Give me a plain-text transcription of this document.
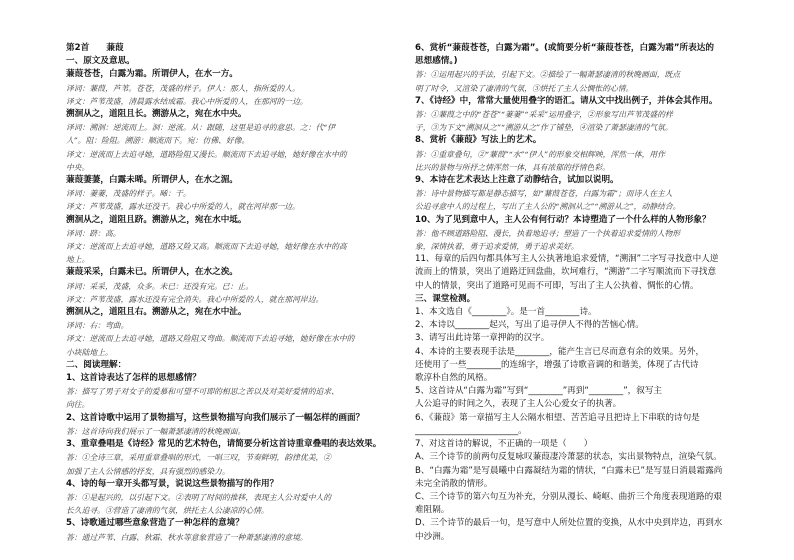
第2首　　蒹葭
一、原文及意思。
蒹葭苍苍，白露为霜。所谓伊人，在水一方。
译词：蒹葭，芦苇。苍苍，茂盛的样子。伊人：那人，指所爱的人。
译文：芦苇茂盛，清晨露水结成霜。我心中所爱的人，在那河的一边。
溯洄从之，道阻且长。溯游从之，宛在水中央。
译词：溯洄：逆流而上。洄：逆流。从：跟随，这里是追寻的意思。之：代“伊
人”。阻：险阻。溯游：顺流而下。宛：仿佛、好像。
译文：逆流而上去追寻她，道路险阻又漫长。顺流而下去追寻她，她好像在水中的
中央。
蒹葭萋萋，白露未晞。所谓伊人，在水之湄。
译词：萋萋，茂盛的样子。晞：干。
译文：芦苇茂盛，露水还没干。我心中所爱的人，就在河岸那一边。
溯洄从之，道阻且跻。溯游从之，宛在水中坻。
译词：跻：高。
译文：逆流而上去追寻她，道路又险又高。顺流而下去追寻她，她好像在水中的高
地上。
蒹葭采采，白露未已。所谓伊人，在水之涘。
译词：采采，茂盛，众多。未已：还没有完。已：止。
译文：芦苇茂盛，露水还没有完全消失。我心中所爱的人，就在那河岸边。
溯洄从之，道阻且右。溯游从之，宛在水中沚。
译词：右：弯曲。
译文：逆流而上去追寻她，道路又险阻又弯曲。顺流而下去追寻她，她好像在水中的
小块陆地上。
二、阅读理解：
1、这首诗表达了怎样的思想感情？
答：描写了男子对女子的爱慕和可望不可即的相思之苦以及对美好爱情的追求、
向往。
2、这首诗歌中运用了景物描写，这些景物描写向我们展示了一幅怎样的画面？
答：这首诗向我们展示了一幅萧瑟凄清的秋晚画面。
3、重章叠唱是《诗经》常见的艺术特色，请简要分析这首诗重章叠唱的表达效果。
答：①全诗三章，采用重章叠唱的形式，一唱三叹，节奏鲜明，韵律优美，②
加强了主人公情感的抒发，具有强烈的感染力。
4、诗的每一章开头都写景，说说这些景物描写的作用？
答：①是起兴的，以引起下文。②表明了时间的推移，表现主人公对爱中人的
长久追寻。③营造了凄清的气氛，烘托主人公凄凉的心情。
5、诗歌通过哪些意象营造了一种怎样的意境？
答：通过芦苇、白露、秋霜、秋水等意象营造了一种萧瑟凄清的意境。
6、赏析“蒹葭苍苍，白露为霜”。(或简要分析“蒹葭苍苍，白露为霜”所表达的
思想感情。)
答：①运用起兴的手法，引起下文。②描绘了一幅萧瑟凄清的秋晚画面，既点
明了时令，又渲染了凄清的气氛，③烘托了主人公惆怅的心情。
7、《诗经》中，常常大量使用叠字的语汇。请从文中找出例子，并体会其作用。
答：①蒹葭之中的“苍苍”“萋萋”“采采”运用叠字，②形象写出芦苇茂盛的样
子，③为下文“溯洄从之”“溯游从之”作了铺垫，④渲染了萧瑟凄清的气氛。
8、赏析《蒹葭》写法上的艺术。
答：①重章叠句，②“蒹葭”“水”“伊人”的形象交相辉映，浑然一体，用作
比兴的景物与所抒之情浑然一体，具有浓郁的抒情色彩。
9、本诗在艺术表达上注意了动静结合，试加以说明。
答：诗中景物描写都是静态描写，如“蒹葭苍苍，白露为霜”；而诗人在主人
公追寻意中人的过程上，写出了主人公的“溯洄从之”“溯游从之”，动静结合。
10、为了见到意中人，主人公有何行动？本诗塑造了一个什么样的人物形象？
答：他不顾道路险阻、漫长，执着地追寻；塑造了一个执着追求爱情的人物形
象，深情执着，勇于追求爱情，勇于追求美好。
11、每章的后四句都具体写主人公执著地追求爱情，“溯洄”二字写寻找意中人逆
流而上的情景，突出了道路迂回盘曲，坎坷难行，“溯游”二字写顺流而下寻找意
中人的情景，突出了道路可见而不可即，写出了主人公执着、惆怅的心情。
三、课堂检测。
1、本文选自《________》。是一首________诗。
2、本诗以________起兴，写出了追寻伊人不得的苦恼心情。
3、请写出此诗第一章押韵的汉字。
4、本诗的主要表现手法是________，能产生言已尽而意有余的效果。另外，
还使用了一些________的连绵字，增强了诗歌音调的和谐美，体现了古代诗
歌淳朴自然的风格。
5、这首诗从“白露为霜”写到“________”再到“________”，叙写主
人公追寻的时间之久，表现了主人公心爱女子的执著。
6、《蒹葭》第一章描写主人公隔水相望、苦苦追寻且把诗上下串联的诗句是
________________________。
7、对这首诗的解说，不正确的一项是（　　）
A、三个诗节的前两句反复咏叹蒹葭凄冷萧瑟的状态，实出景物特点，渲染气氛。
B、“白露为霜”是写晨曦中白露凝结为霜的情状，“白露未已”是写显日消晨霜露尚
未完全消散的情形。
C、三个诗节的第六句互为补充，分别从漫长、崎岖、曲折三个角度表现道路的艰
难阻隔。
D、三个诗节的最后一句，是写意中人所处位置的变换，从水中央到岸边，再到水
中沙洲。
